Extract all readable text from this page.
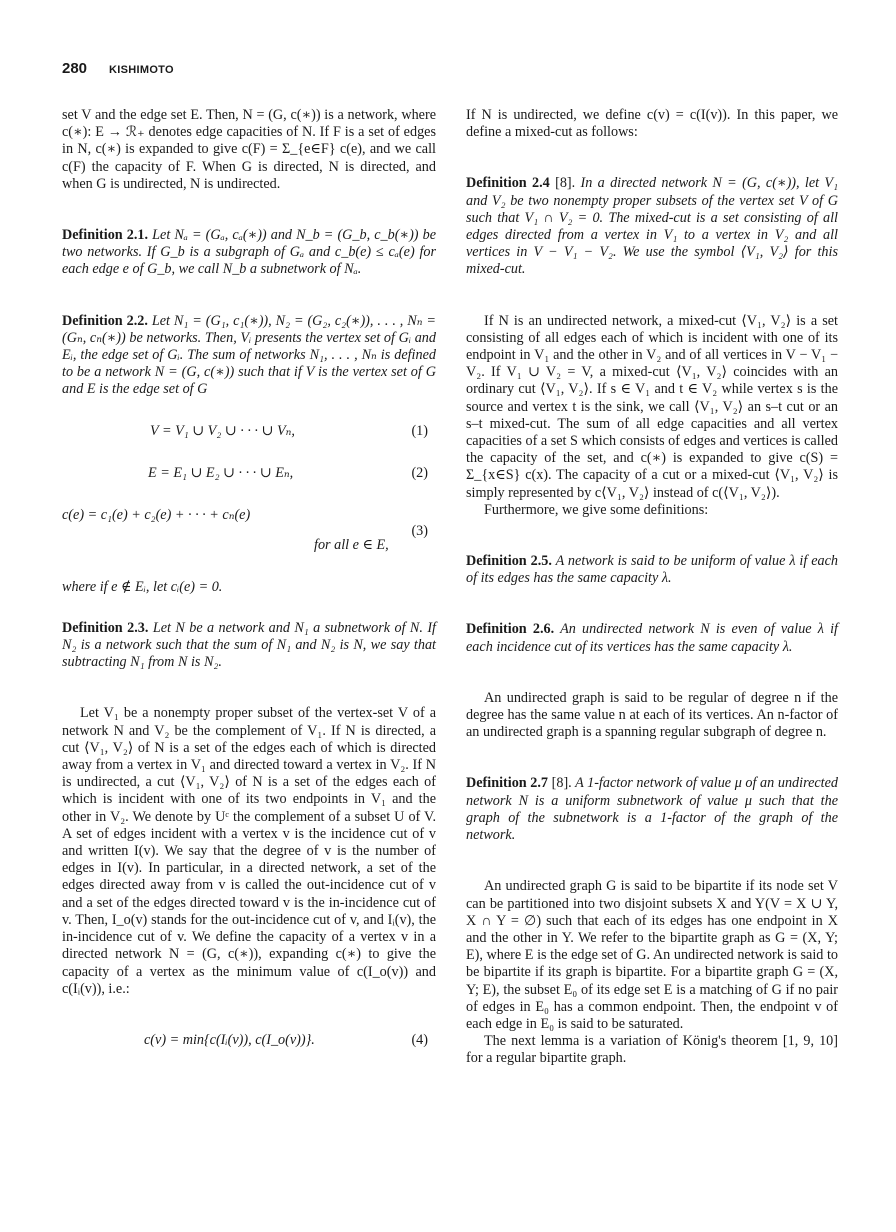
280 KISHIMOTO

set V and the edge set E. Then, N = (G, c(∗)) is a network, where c(∗): E → ℛ₊ denotes edge capacities of N. If F is a set of edges in N, c(∗) is expanded to give c(F) = Σ_{e∈F} c(e), and we call c(F) the capacity of F. When G is directed, N is directed, and when G is undirected, N is undirected.

Definition 2.1. Let Nₐ = (Gₐ, cₐ(∗)) and N_b = (G_b, c_b(∗)) be two networks. If G_b is a subgraph of Gₐ and c_b(e) ≤ cₐ(e) for each edge e of G_b, we call N_b a subnetwork of Nₐ.

Definition 2.2. Let N₁ = (G₁, c₁(∗)), N₂ = (G₂, c₂(∗)), . . . , Nₙ = (Gₙ, cₙ(∗)) be networks. Then, Vᵢ presents the vertex set of Gᵢ and Eᵢ, the edge set of Gᵢ. The sum of networks N₁, . . . , Nₙ is defined to be a network N = (G, c(∗)) such that if V is the vertex set of G and E is the edge set of G

V = V₁ ∪ V₂ ∪ · · · ∪ Vₙ,	(1)
E = E₁ ∪ E₂ ∪ · · · ∪ Eₙ,	(2)
c(e) = c₁(e) + c₂(e) + · · · + cₙ(e)
(3)
for all e ∈ E,

where if e ∉ Eᵢ, let cᵢ(e) = 0.

Definition 2.3. Let N be a network and N₁ a subnetwork of N. If N₂ is a network such that the sum of N₁ and N₂ is N, we say that subtracting N₁ from N is N₂.

Let V₁ be a nonempty proper subset of the vertex-set V of a network N and V₂ be the complement of V₁. If N is directed, a cut ⟨V₁, V₂⟩ of N is a set of the edges each of which is directed away from a vertex in V₁ and directed toward a vertex in V₂. If N is undirected, a cut ⟨V₁, V₂⟩ of N is a set of the edges each of which is incident with one of its two endpoints in V₁ and the other in V₂. We denote by Uᶜ the complement of a subset U of V. A set of edges incident with a vertex v is the incidence cut of v and written I(v). We say that the degree of v is the number of edges in I(v). In particular, in a directed network, a set of the edges directed away from v is called the out-incidence cut of v and a set of the edges directed toward v is the in-incidence cut of v. Then, I_o(v) stands for the out-incidence cut of v, and Iᵢ(v), the in-incidence cut of v. We define the capacity of a vertex v in a directed network N = (G, c(∗)), expanding c(∗) to give the capacity of a vertex as the minimum value of c(I_o(v)) and c(Iᵢ(v)), i.e.:

c(v) = min{c(Iᵢ(v)), c(I_o(v))}.	(4)

If N is undirected, we define c(v) = c(I(v)). In this paper, we define a mixed-cut as follows:

Definition 2.4 [8]. In a directed network N = (G, c(∗)), let V₁ and V₂ be two nonempty proper subsets of the vertex set V of G such that V₁ ∩ V₂ = 0. The mixed-cut is a set consisting of all edges directed from a vertex in V₁ to a vertex in V₂ and all vertices in V − V₁ − V₂. We use the symbol ⟨V₁, V₂⟩ for this mixed-cut.

If N is an undirected network, a mixed-cut ⟨V₁, V₂⟩ is a set consisting of all edges each of which is incident with one of its endpoint in V₁ and the other in V₂ and of all vertices in V − V₁ − V₂. If V₁ ∪ V₂ = V, a mixed-cut ⟨V₁, V₂⟩ coincides with an ordinary cut ⟨V₁, V₂⟩. If s ∈ V₁ and t ∈ V₂ while vertex s is the source and vertex t is the sink, we call ⟨V₁, V₂⟩ an s–t cut or an s–t mixed-cut. The sum of all edge capacities and all vertex capacities of a set S which consists of edges and vertices is called the capacity of the set, and c(∗) is expanded to give c(S) = Σ_{x∈S} c(x). The capacity of a cut or a mixed-cut ⟨V₁, V₂⟩ is simply represented by c⟨V₁, V₂⟩ instead of c(⟨V₁, V₂⟩).

Furthermore, we give some definitions:

Definition 2.5. A network is said to be uniform of value λ if each of its edges has the same capacity λ.

Definition 2.6. An undirected network N is even of value λ if each incidence cut of its vertices has the same capacity λ.

An undirected graph is said to be regular of degree n if the degree has the same value n at each of its vertices. An n-factor of an undirected graph is a spanning regular subgraph of degree n.

Definition 2.7 [8]. A 1-factor network of value μ of an undirected network N is a uniform subnetwork of value μ such that the graph of the subnetwork is a 1-factor of the graph of the network.

An undirected graph G is said to be bipartite if its node set V can be partitioned into two disjoint subsets X and Y(V = X ∪ Y, X ∩ Y = ∅) such that each of its edges has one endpoint in X and the other in Y. We refer to the bipartite graph as G = (X, Y; E), where E is the edge set of G. An undirected network is said to be bipartite if its graph is bipartite. For a bipartite graph G = (X, Y; E), the subset E₀ of its edge set E is a matching of G if no pair of edges in E₀ has a common endpoint. Then, the endpoint v of each edge in E₀ is said to be saturated.

The next lemma is a variation of König's theorem [1, 9, 10] for a regular bipartite graph.
